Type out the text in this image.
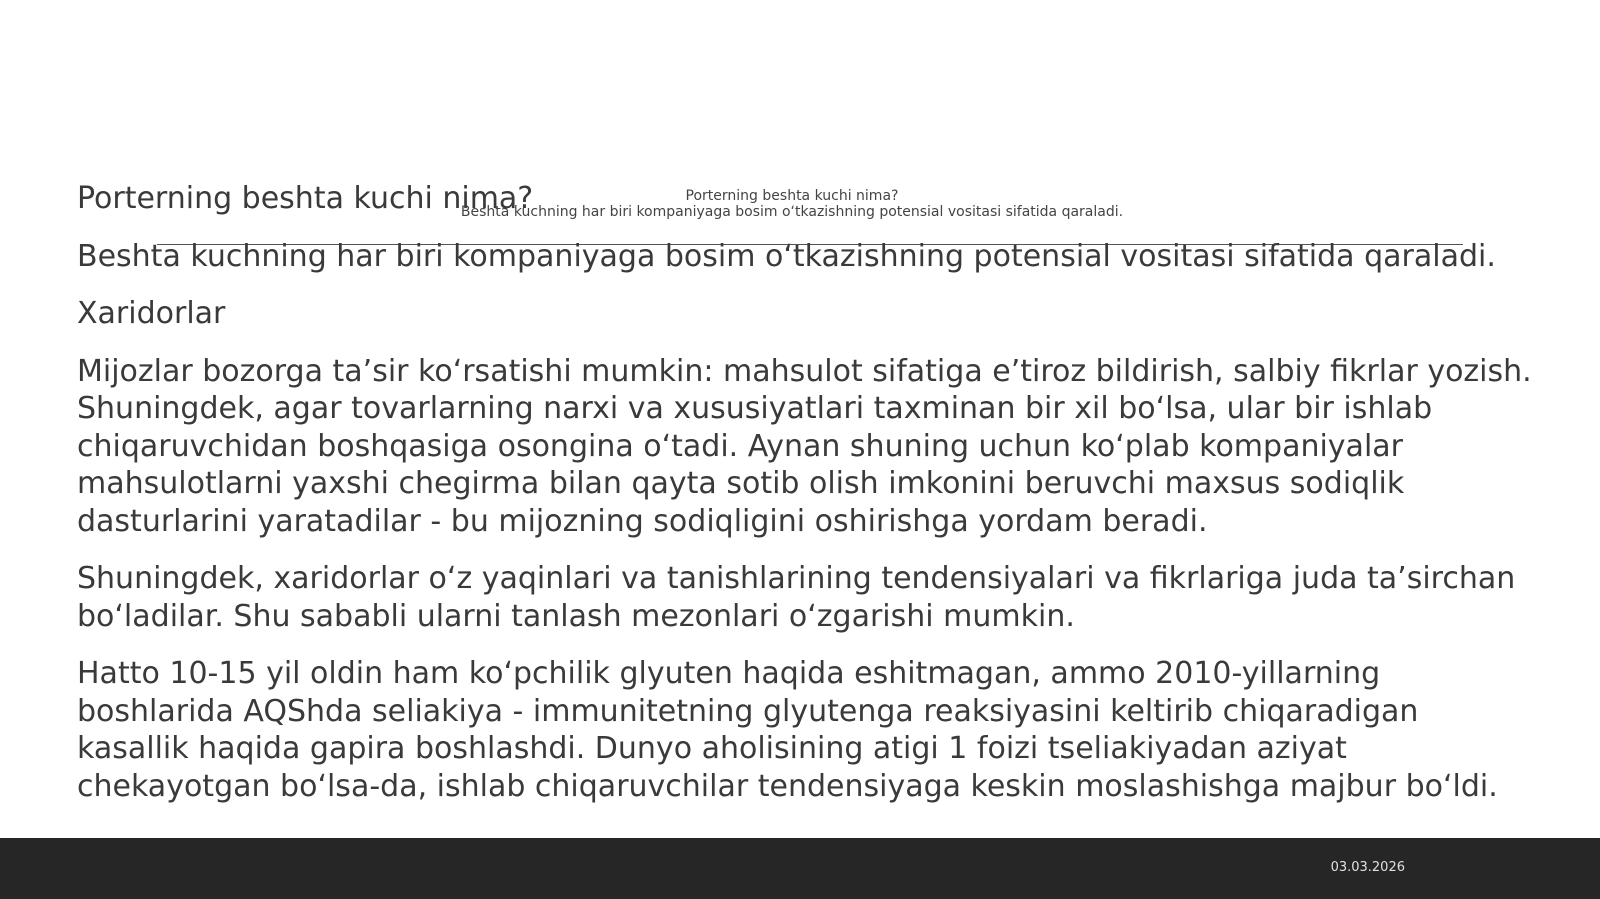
Porterning beshta kuchi nima?
Beshta kuchning har biri kompaniyaga bosim o‘tkazishning potensial vositasi sifatida qaraladi.

Porterning beshta kuchi nima?

Beshta kuchning har biri kompaniyaga bosim o‘tkazishning potensial vositasi sifatida qaraladi.

Xaridorlar

Mijozlar bozorga ta’sir ko‘rsatishi mumkin: mahsulot sifatiga e’tiroz bildirish, salbiy fikrlar yozish. Shuningdek, agar tovarlarning narxi va xususiyatlari taxminan bir xil bo‘lsa, ular bir ishlab chiqaruvchidan boshqasiga osongina o‘tadi. Aynan shuning uchun ko‘plab kompaniyalar mahsulotlarni yaxshi chegirma bilan qayta sotib olish imkonini beruvchi maxsus sodiqlik dasturlarini yaratadilar - bu mijozning sodiqligini oshirishga yordam beradi.

Shuningdek, xaridorlar o‘z yaqinlari va tanishlarining tendensiyalari va fikrlariga juda ta’sirchan bo‘ladilar. Shu sababli ularni tanlash mezonlari o‘zgarishi mumkin.

Hatto 10-15 yil oldin ham ko‘pchilik glyuten haqida eshitmagan, ammo 2010-yillarning boshlarida AQShda seliakiya - immunitetning glyutenga reaksiyasini keltirib chiqaradigan kasallik haqida gapira boshlashdi. Dunyo aholisining atigi 1 foizi tseliakiyadan aziyat chekayotgan bo‘lsa-da, ishlab chiqaruvchilar tendensiyaga keskin moslashishga majbur bo‘ldi.

03.03.2026
